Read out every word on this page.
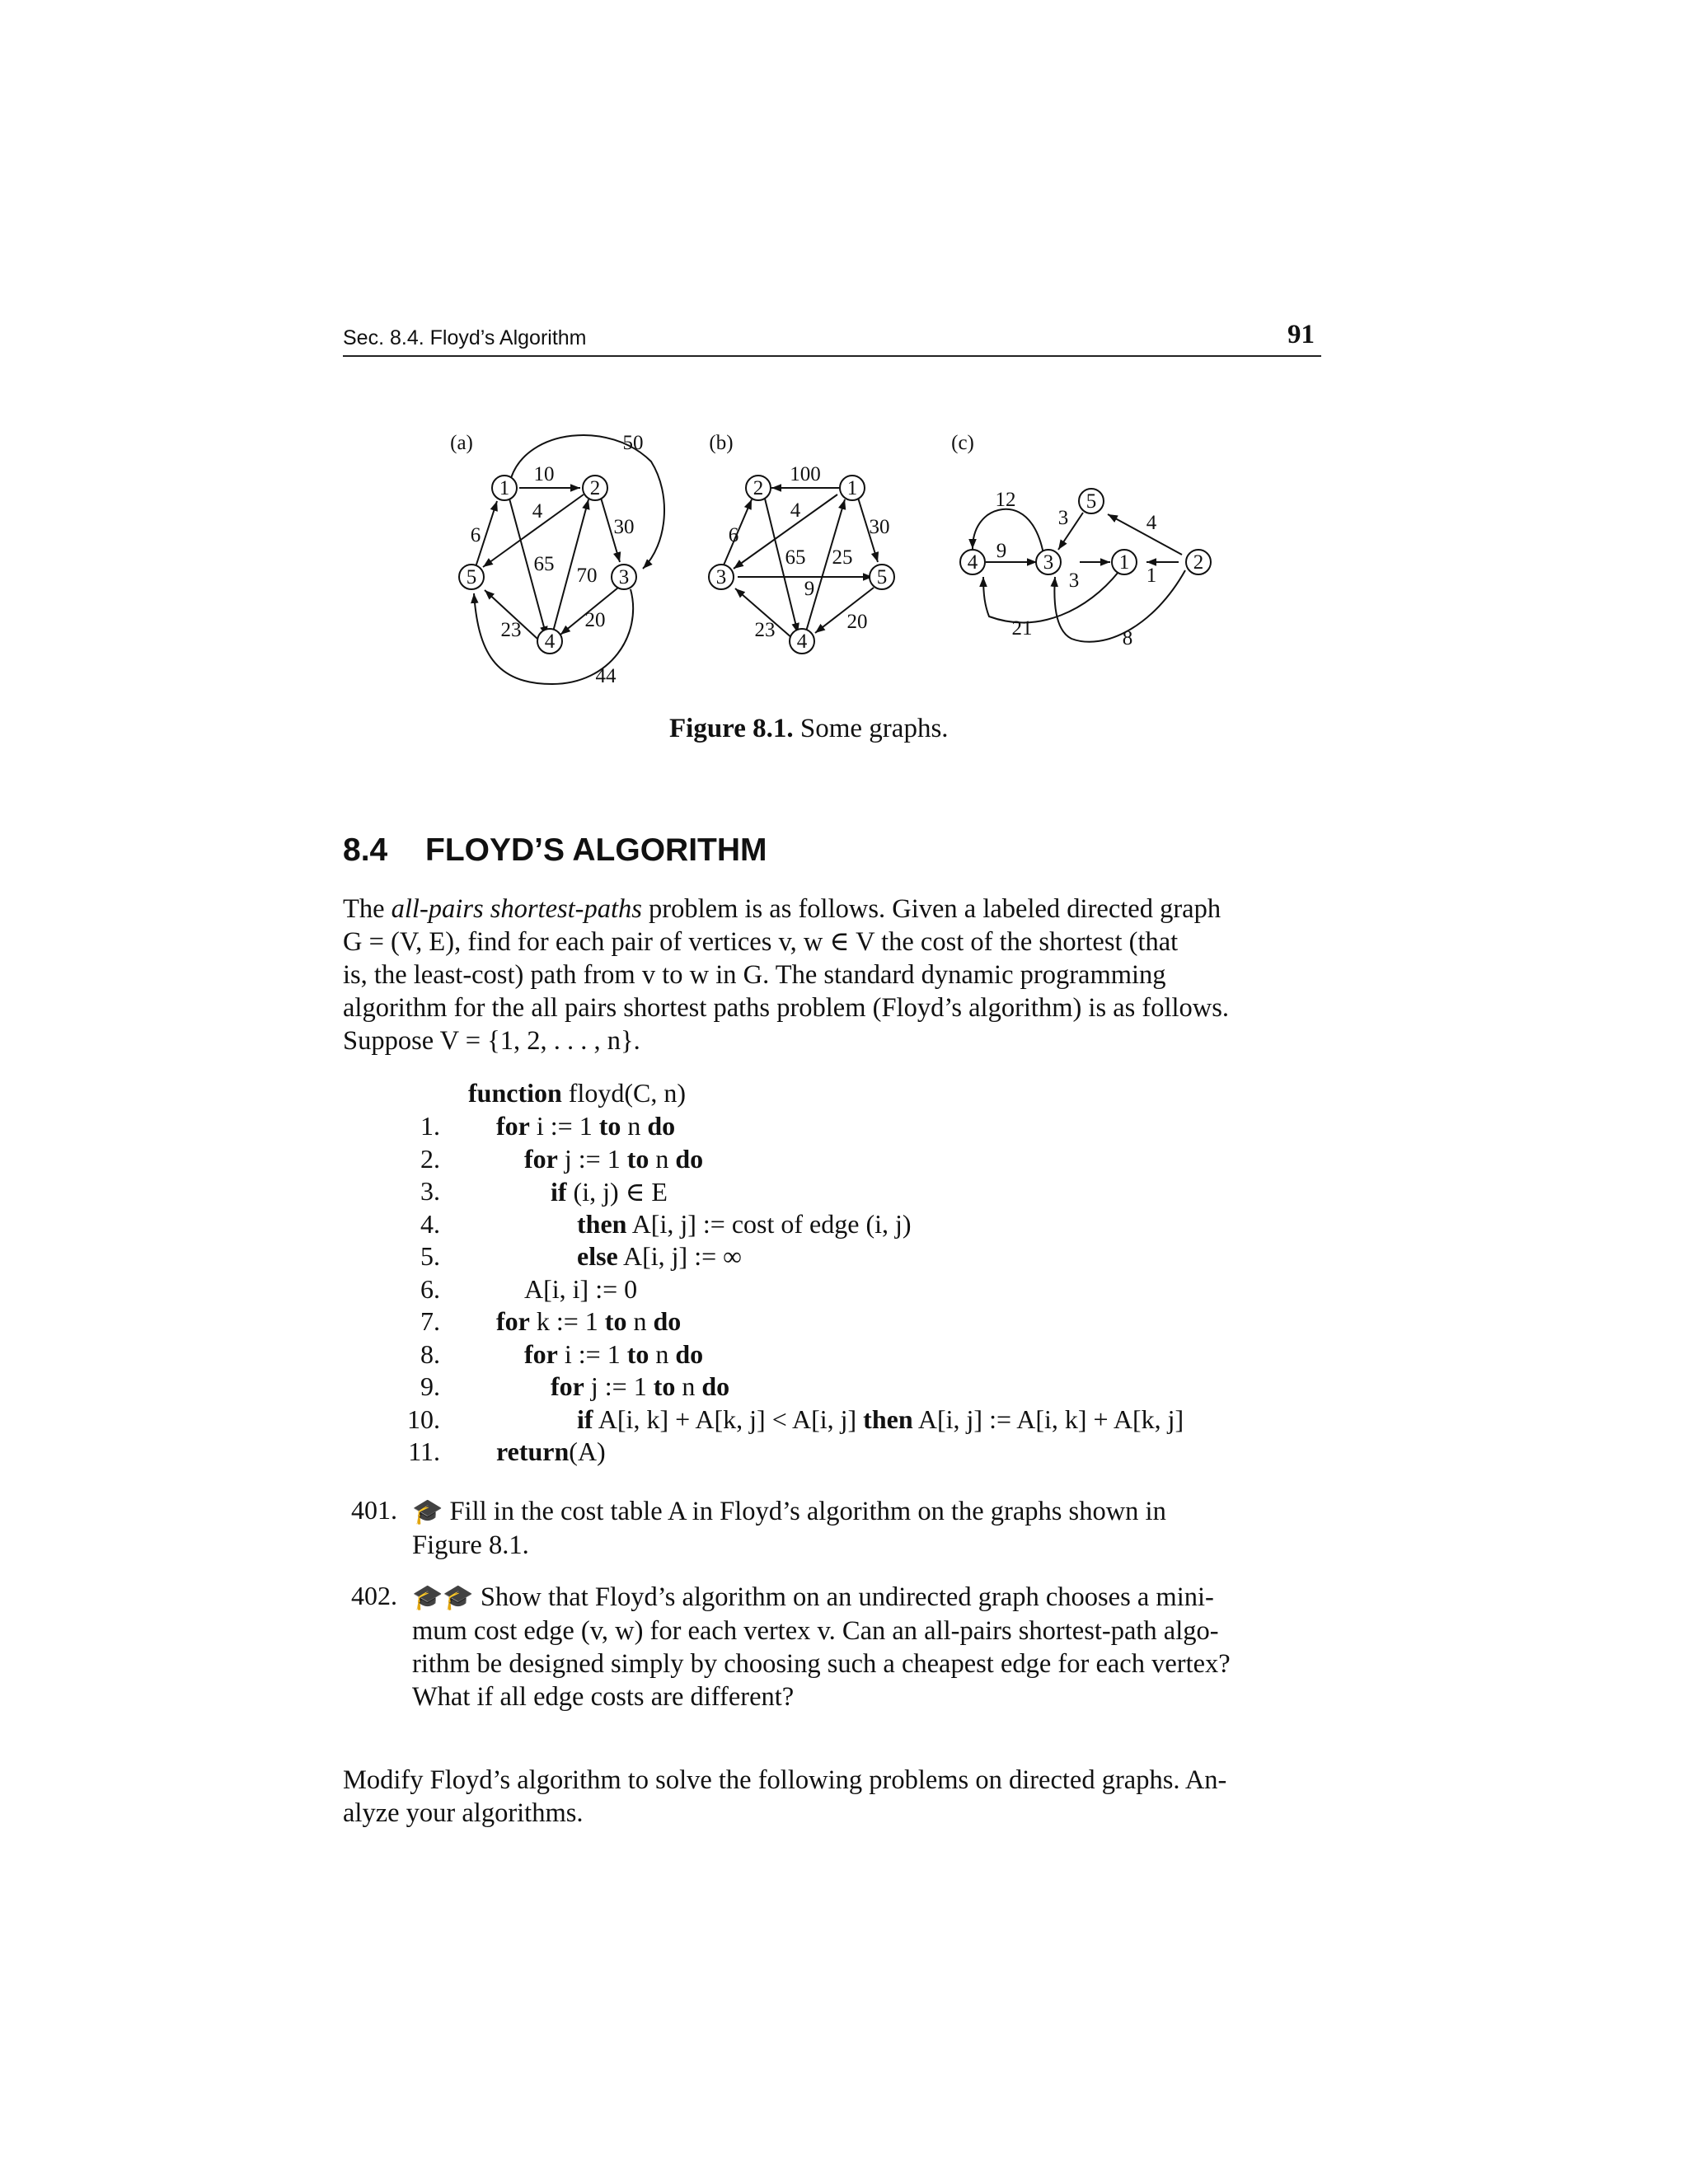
Sec. 8.4. Floyd’s Algorithm	91
(a)	(b)	(c)
1	2
3
4
5
1
2
3
4
5
1	2
3
4
5
10
50
4
6	30
65
70
23	20
44
100
4
6	30
65 25
9
23	20
12
9
3	4
3	1
21	8
Figure 8.1. Some graphs.
8.4 FLOYD’S ALGORITHM
The all-pairs shortest-paths problem is as follows. Given a labeled directed graph
G = (V, E), find for each pair of vertices v, w ∈ V the cost of the shortest (that
is, the least-cost) path from v to w in G. The standard dynamic programming
algorithm for the all pairs shortest paths problem (Floyd’s algorithm) is as follows.
Suppose V = {1, 2, . . . , n}.
function floyd(C, n)
1. for i := 1 to n do
2.	for j := 1 to n do
3.	if (i, j) ∈ E
4.	then A[i, j] := cost of edge (i, j)
5.	else A[i, j] := ∞
6.	A[i, i] := 0
7. for k := 1 to n do
8.	for i := 1 to n do
9.	for j := 1 to n do
10.	if A[i, k] + A[k, j] < A[i, j] then A[i, j] := A[i, k] + A[k, j]
11. return(A)
401. 🎓 Fill in the cost table A in Floyd’s algorithm on the graphs shown in
Figure 8.1.
402. 🎓🎓 Show that Floyd’s algorithm on an undirected graph chooses a mini-
mum cost edge (v, w) for each vertex v. Can an all-pairs shortest-path algo-
rithm be designed simply by choosing such a cheapest edge for each vertex?
What if all edge costs are different?
Modify Floyd’s algorithm to solve the following problems on directed graphs. An-
alyze your algorithms.
